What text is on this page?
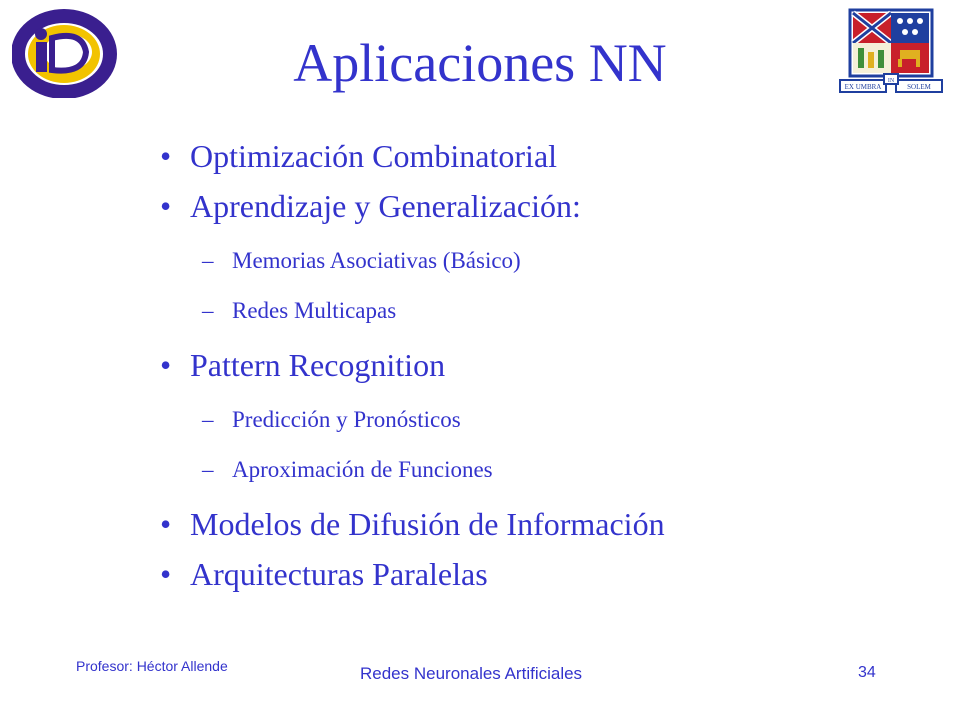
EX UMBRA
IN
SOLEM
Aplicaciones NN
• Optimización Combinatorial
• Aprendizaje y Generalización:
– Memorias Asociativas (Básico)
– Redes Multicapas
• Pattern Recognition
– Predicción y Pronósticos
– Aproximación de Funciones
• Modelos de Difusión de Información
• Arquitecturas Paralelas
Profesor: Héctor Allende	Redes Neuronales Artificiales	34
